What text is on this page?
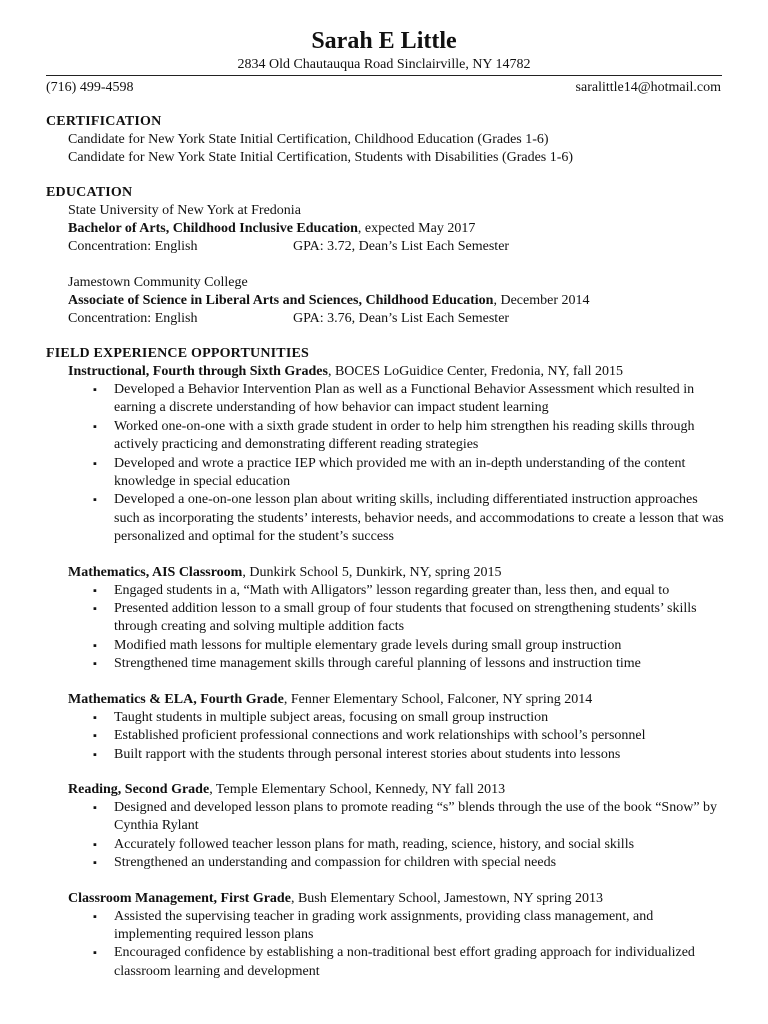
Sarah E Little
2834 Old Chautauqua Road Sinclairville, NY 14782
(716) 499-4598	saralittle14@hotmail.com
CERTIFICATION
Candidate for New York State Initial Certification, Childhood Education (Grades 1-6)
Candidate for New York State Initial Certification, Students with Disabilities (Grades 1-6)
EDUCATION
State University of New York at Fredonia
Bachelor of Arts, Childhood Inclusive Education, expected May 2017
Concentration: English	GPA: 3.72, Dean’s List Each Semester
Jamestown Community College
Associate of Science in Liberal Arts and Sciences, Childhood Education, December 2014
Concentration: English	GPA: 3.76, Dean’s List Each Semester
FIELD EXPERIENCE OPPORTUNITIES
Instructional, Fourth through Sixth Grades, BOCES LoGuidice Center, Fredonia, NY, fall 2015
▪ Developed a Behavior Intervention Plan as well as a Functional Behavior Assessment which resulted in earning a discrete understanding of how behavior can impact student learning
▪ Worked one-on-one with a sixth grade student in order to help him strengthen his reading skills through actively practicing and demonstrating different reading strategies
▪ Developed and wrote a practice IEP which provided me with an in-depth understanding of the content knowledge in special education
▪ Developed a one-on-one lesson plan about writing skills, including differentiated instruction approaches such as incorporating the students’ interests, behavior needs, and accommodations to create a lesson that was personalized and optimal for the student’s success
Mathematics, AIS Classroom, Dunkirk School 5, Dunkirk, NY, spring 2015
▪ Engaged students in a, “Math with Alligators” lesson regarding greater than, less then, and equal to
▪ Presented addition lesson to a small group of four students that focused on strengthening students’ skills through creating and solving multiple addition facts
▪ Modified math lessons for multiple elementary grade levels during small group instruction
▪ Strengthened time management skills through careful planning of lessons and instruction time
Mathematics & ELA, Fourth Grade, Fenner Elementary School, Falconer, NY spring 2014
▪ Taught students in multiple subject areas, focusing on small group instruction
▪ Established proficient professional connections and work relationships with school’s personnel
▪ Built rapport with the students through personal interest stories about students into lessons
Reading, Second Grade, Temple Elementary School, Kennedy, NY fall 2013
▪ Designed and developed lesson plans to promote reading “s” blends through the use of the book “Snow” by Cynthia Rylant
▪ Accurately followed teacher lesson plans for math, reading, science, history, and social skills
▪ Strengthened an understanding and compassion for children with special needs
Classroom Management, First Grade, Bush Elementary School, Jamestown, NY spring 2013
▪ Assisted the supervising teacher in grading work assignments, providing class management, and implementing required lesson plans
▪ Encouraged confidence by establishing a non-traditional best effort grading approach for individualized classroom learning and development
